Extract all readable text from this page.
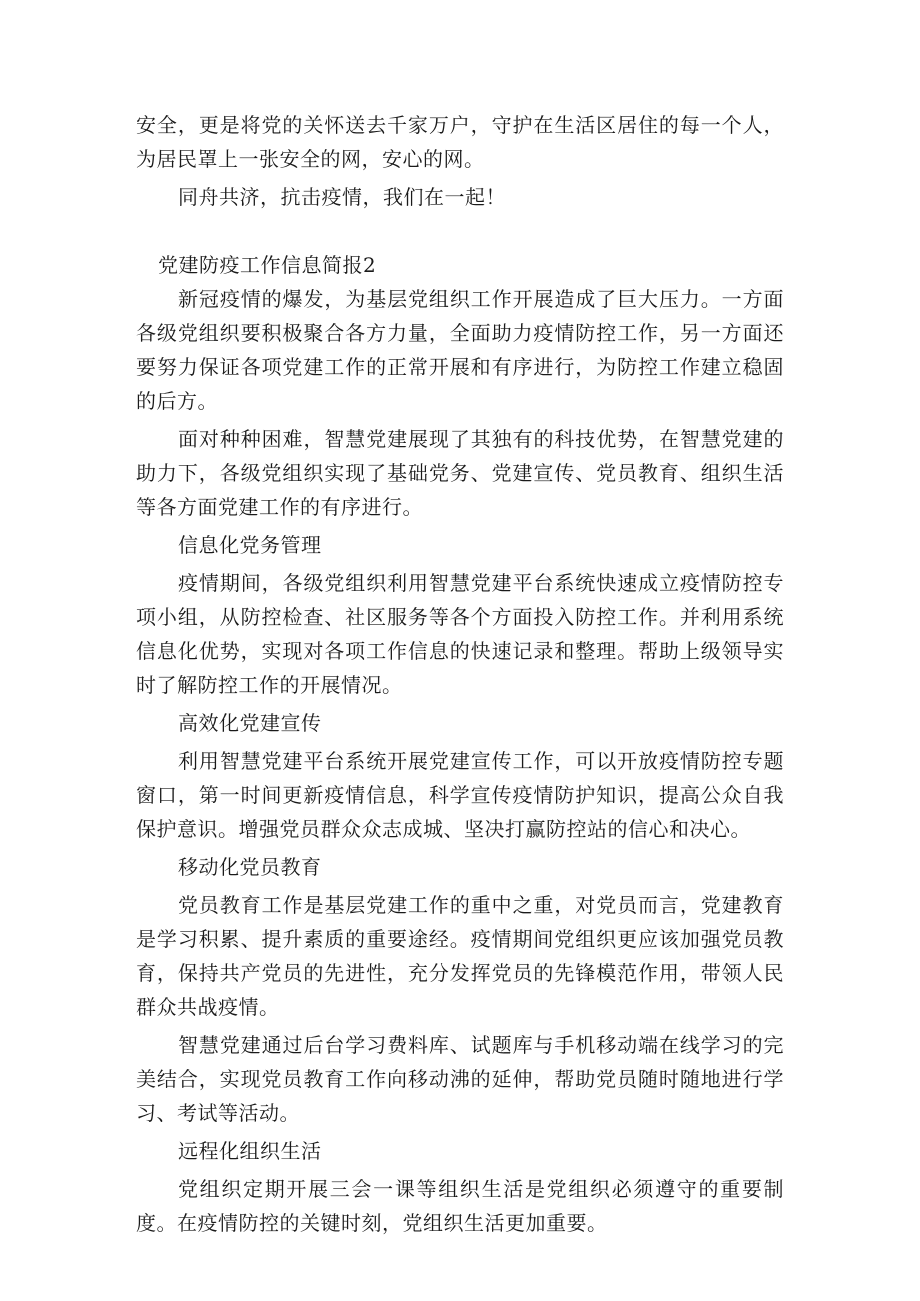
安全，更是将党的关怀送去千家万户，守护在生活区居住的每一个人，为居民罩上一张安全的网，安心的网。

同舟共济，抗击疫情，我们在一起！

党建防疫工作信息简报2

新冠疫情的爆发，为基层党组织工作开展造成了巨大压力。一方面各级党组织要积极聚合各方力量，全面助力疫情防控工作，另一方面还要努力保证各项党建工作的正常开展和有序进行，为防控工作建立稳固的后方。

面对种种困难，智慧党建展现了其独有的科技优势，在智慧党建的助力下，各级党组织实现了基础党务、党建宣传、党员教育、组织生活等各方面党建工作的有序进行。

信息化党务管理

疫情期间，各级党组织利用智慧党建平台系统快速成立疫情防控专项小组，从防控检查、社区服务等各个方面投入防控工作。并利用系统信息化优势，实现对各项工作信息的快速记录和整理。帮助上级领导实时了解防控工作的开展情况。

高效化党建宣传

利用智慧党建平台系统开展党建宣传工作，可以开放疫情防控专题窗口，第一时间更新疫情信息，科学宣传疫情防护知识，提高公众自我保护意识。增强党员群众众志成城、坚决打赢防控站的信心和决心。

移动化党员教育

党员教育工作是基层党建工作的重中之重，对党员而言，党建教育是学习积累、提升素质的重要途经。疫情期间党组织更应该加强党员教育，保持共产党员的先进性，充分发挥党员的先锋模范作用，带领人民群众共战疫情。

智慧党建通过后台学习费料库、试题库与手机移动端在线学习的完美结合，实现党员教育工作向移动沸的延伸，帮助党员随时随地进行学习、考试等活动。

远程化组织生活

党组织定期开展三会一课等组织生活是党组织必须遵守的重要制度。在疫情防控的关键时刻，党组织生活更加重要。
